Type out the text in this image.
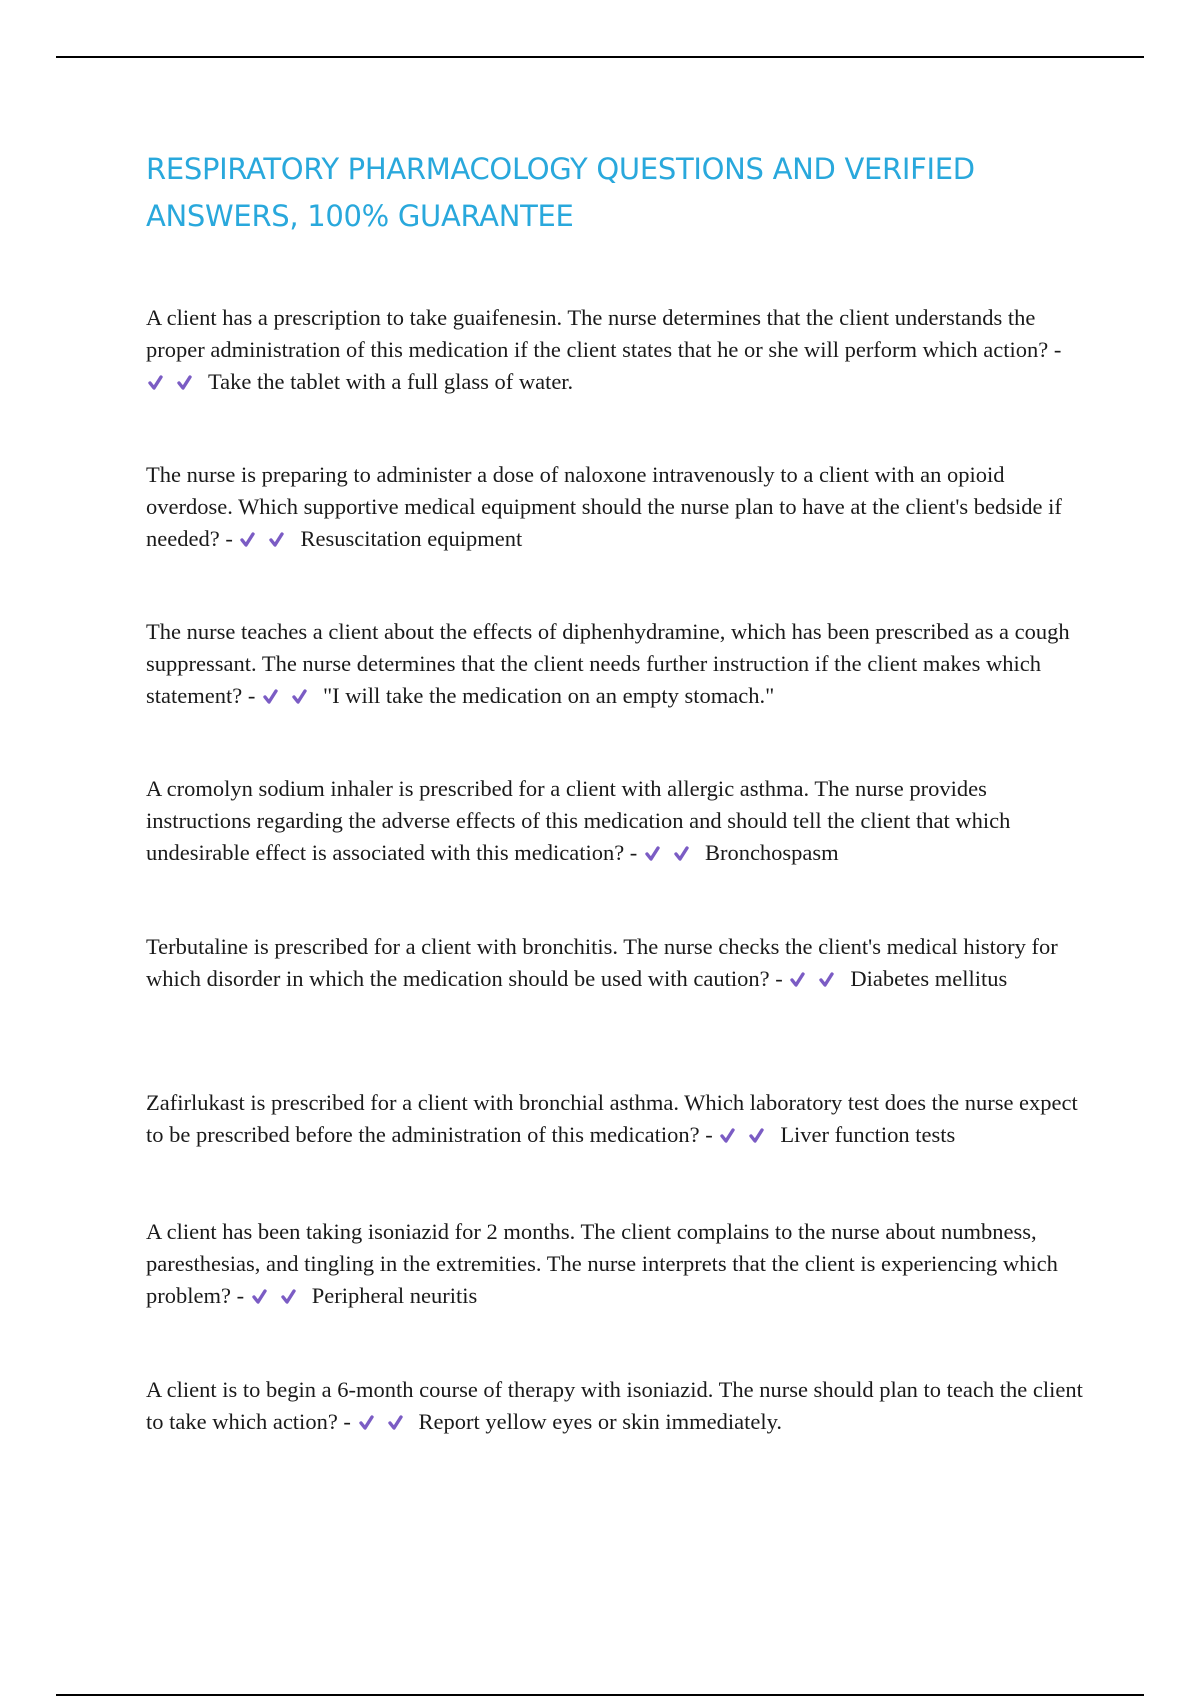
RESPIRATORY PHARMACOLOGY QUESTIONS AND VERIFIED ANSWERS, 100% GUARANTEE

A client has a prescription to take guaifenesin. The nurse determines that the client understands the proper administration of this medication if the client states that he or she will perform which action? - Take the tablet with a full glass of water.

The nurse is preparing to administer a dose of naloxone intravenously to a client with an opioid overdose. Which supportive medical equipment should the nurse plan to have at the client's bedside if needed? -	Resuscitation equipment

The nurse teaches a client about the effects of diphenhydramine, which has been prescribed as a cough suppressant. The nurse determines that the client needs further instruction if the client makes which statement? -	"I will take the medication on an empty stomach."

A cromolyn sodium inhaler is prescribed for a client with allergic asthma. The nurse provides instructions regarding the adverse effects of this medication and should tell the client that which undesirable effect is associated with this medication? -	Bronchospasm

Terbutaline is prescribed for a client with bronchitis. The nurse checks the client's medical history for which disorder in which the medication should be used with caution? -	Diabetes mellitus

Zafirlukast is prescribed for a client with bronchial asthma. Which laboratory test does the nurse expect to be prescribed before the administration of this medication? -	Liver function tests

A client has been taking isoniazid for 2 months. The client complains to the nurse about numbness, paresthesias, and tingling in the extremities. The nurse interprets that the client is experiencing which problem? -	Peripheral neuritis

A client is to begin a 6-month course of therapy with isoniazid. The nurse should plan to teach the client to take which action? -	Report yellow eyes or skin immediately.
